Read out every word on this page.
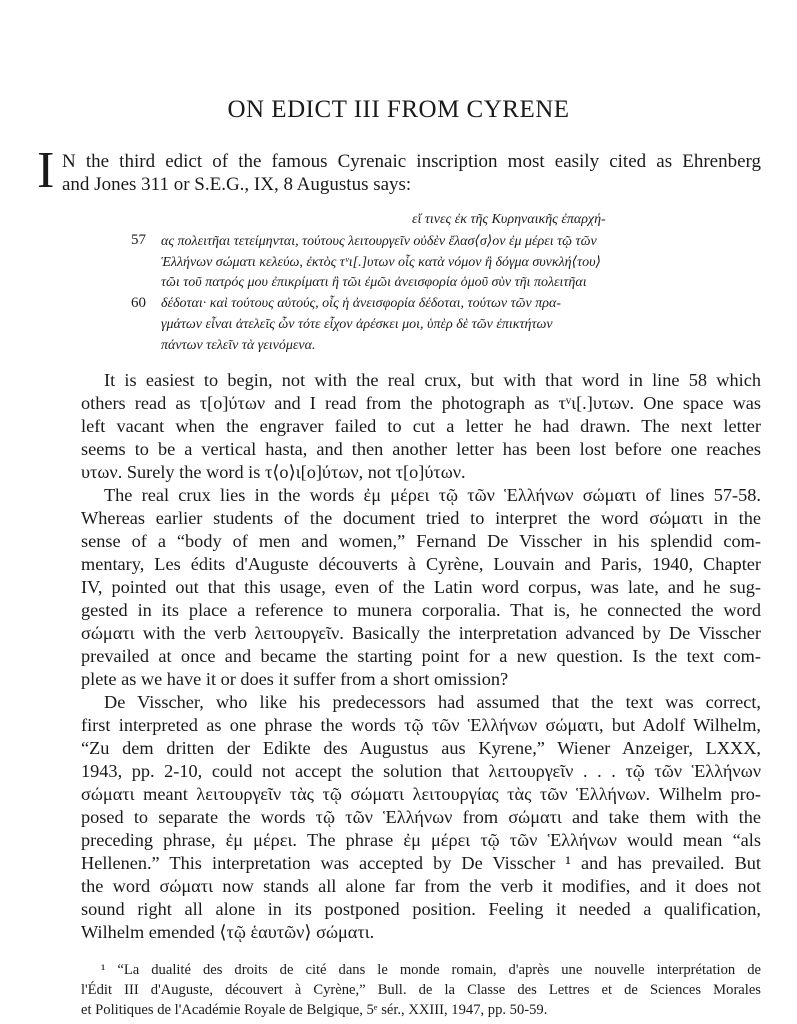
ON EDICT III FROM CYRENE
I N the third edict of the famous Cyrenaic inscription most easily cited as Ehrenberg
and Jones 311 or S.E.G., IX, 8 Augustus says:
εἴ τινες ἐκ τῆς Κυρηναικῆς ἐπαρχή-
ας πολειτῆαι τετείμηνται, τούτους λειτουργεῖν οὐδὲν ἔλασ⟨σ⟩ον ἐμ μέρει τῷ τῶν
Ἑλλήνων σώματι κελεύω, ἐκτὸς τᵛι[.]υτων οἷς κατὰ νόμον ἢ δόγμα συνκλή⟨του⟩
τῶι τοῦ πατρός μου ἐπικρίματι ἢ τῶι ἐμῶι ἀνεισφορία ὁμοῦ σὺν τῆι πολειτῆαι
δέδοται· καὶ τούτους αὐτούς, οἷς ἡ ἀνεισφορία δέδοται, τούτων τῶν πρα-
γμάτων εἶναι ἀτελεῖς ὧν τότε εἶχον ἀρέσκει μοι, ὑπὲρ δὲ τῶν ἐπικτήτων
πάντων τελεῖν τὰ γεινόμενα.
57
60
It is easiest to begin, not with the real crux, but with that word in line 58 which
others read as τ[ο]ύτων and I read from the photograph as τᵛι[.]υτων. One space was
left vacant when the engraver failed to cut a letter he had drawn. The next letter
seems to be a vertical hasta, and then another letter has been lost before one reaches
υτων. Surely the word is τ⟨ο⟩ι[ο]ύτων, not τ[ο]ύτων.
The real crux lies in the words ἐμ μέρει τῷ τῶν Ἑλλήνων σώματι of lines 57-58.
Whereas earlier students of the document tried to interpret the word σώματι in the
sense of a “body of men and women,” Fernand De Visscher in his splendid com-
mentary, Les édits d'Auguste découverts à Cyrène, Louvain and Paris, 1940, Chapter
IV, pointed out that this usage, even of the Latin word corpus, was late, and he sug-
gested in its place a reference to munera corporalia. That is, he connected the word
σώματι with the verb λειτουργεῖν. Basically the interpretation advanced by De Visscher
prevailed at once and became the starting point for a new question. Is the text com-
plete as we have it or does it suffer from a short omission?
De Visscher, who like his predecessors had assumed that the text was correct,
first interpreted as one phrase the words τῷ τῶν Ἑλλήνων σώματι, but Adolf Wilhelm,
“Zu dem dritten der Edikte des Augustus aus Kyrene,” Wiener Anzeiger, LXXX,
1943, pp. 2-10, could not accept the solution that λειτουργεῖν . . . τῷ τῶν Ἑλλήνων
σώματι meant λειτουργεῖν τὰς τῷ σώματι λειτουργίας τὰς τῶν Ἑλλήνων. Wilhelm pro-
posed to separate the words τῷ τῶν Ἑλλήνων from σώματι and take them with the
preceding phrase, ἐμ μέρει. The phrase ἐμ μέρει τῷ τῶν Ἑλλήνων would mean “als
Hellenen.” This interpretation was accepted by De Visscher ¹ and has prevailed. But
the word σώματι now stands all alone far from the verb it modifies, and it does not
sound right all alone in its postponed position. Feeling it needed a qualification,
Wilhelm emended ⟨τῷ ἑαυτῶν⟩ σώματι.
¹ “La dualité des droits de cité dans le monde romain, d'après une nouvelle interprétation de
l'Édit III d'Auguste, découvert à Cyrène,” Bull. de la Classe des Lettres et de Sciences Morales
et Politiques de l'Académie Royale de Belgique, 5ᵉ sér., XXIII, 1947, pp. 50-59.
